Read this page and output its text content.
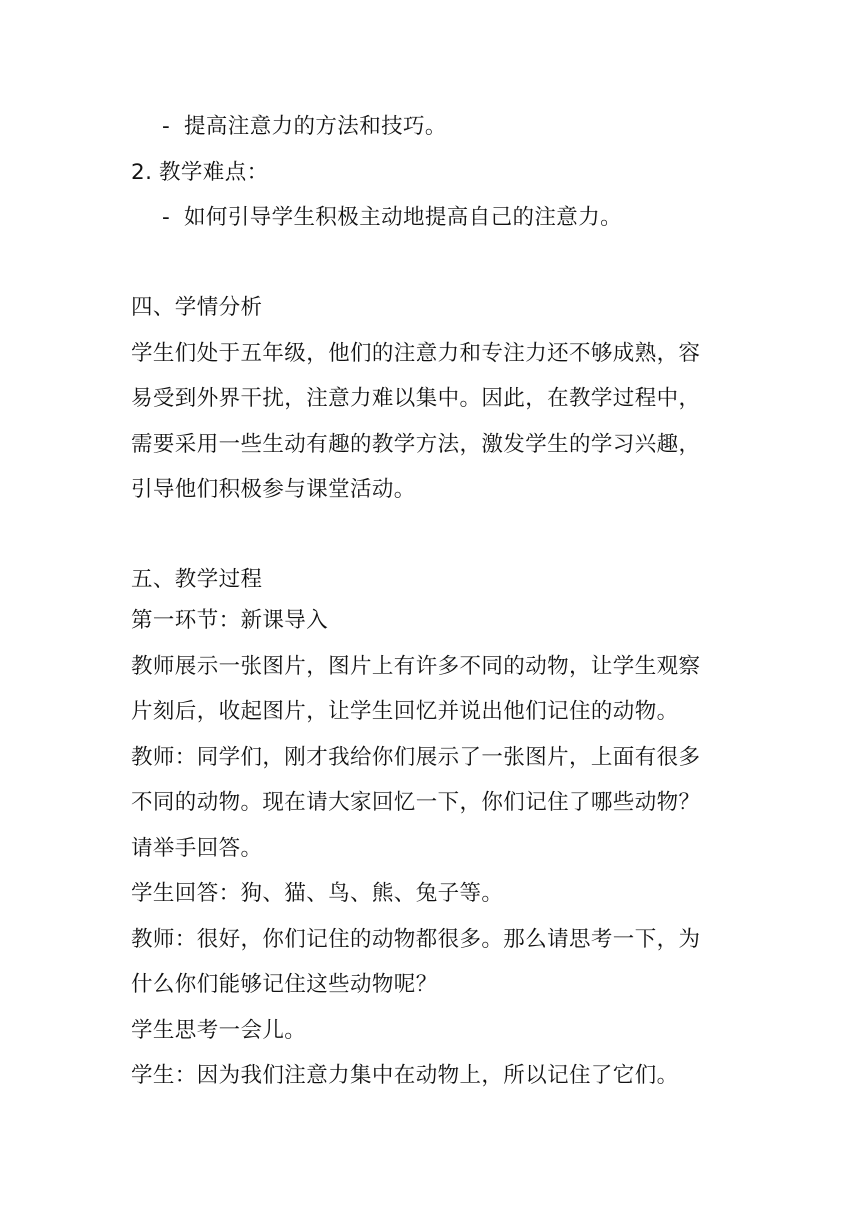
- 提高注意力的方法和技巧。
2. 教学难点：
- 如何引导学生积极主动地提高自己的注意力。
四、学情分析
学生们处于五年级，他们的注意力和专注力还不够成熟，容
易受到外界干扰，注意力难以集中。因此，在教学过程中，
需要采用一些生动有趣的教学方法，激发学生的学习兴趣，
引导他们积极参与课堂活动。
五、教学过程
第一环节：新课导入
教师展示一张图片，图片上有许多不同的动物，让学生观察
片刻后，收起图片，让学生回忆并说出他们记住的动物。
教师：同学们，刚才我给你们展示了一张图片，上面有很多
不同的动物。现在请大家回忆一下，你们记住了哪些动物？
请举手回答。
学生回答：狗、猫、鸟、熊、兔子等。
教师：很好，你们记住的动物都很多。那么请思考一下，为
什么你们能够记住这些动物呢？
学生思考一会儿。
学生：因为我们注意力集中在动物上，所以记住了它们。
